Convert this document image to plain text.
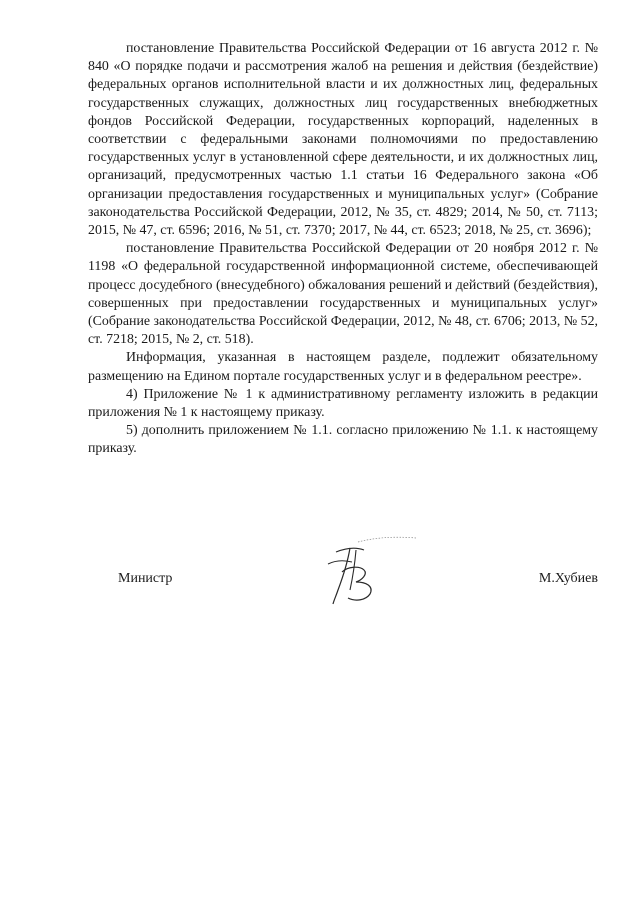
постановление Правительства Российской Федерации от 16 августа 2012 г. № 840 «О порядке подачи и рассмотрения жалоб на решения и действия (бездействие) федеральных органов исполнительной власти и их должностных лиц, федеральных государственных служащих, должностных лиц государственных внебюджетных фондов Российской Федерации, государственных корпораций, наделенных в соответствии с федеральными законами полномочиями по предоставлению государственных услуг в установленной сфере деятельности, и их должностных лиц, организаций, предусмотренных частью 1.1 статьи 16 Федерального закона «Об организации предоставления государственных и муниципальных услуг» (Собрание законодательства Российской Федерации, 2012, № 35, ст. 4829; 2014, № 50, ст. 7113; 2015, № 47, ст. 6596; 2016, № 51, ст. 7370; 2017, № 44, ст. 6523; 2018, № 25, ст. 3696);

постановление Правительства Российской Федерации от 20 ноября 2012 г. № 1198 «О федеральной государственной информационной системе, обеспечивающей процесс досудебного (внесудебного) обжалования решений и действий (бездействия), совершенных при предоставлении государственных и муниципальных услуг» (Собрание законодательства Российской Федерации, 2012, № 48, ст. 6706; 2013, № 52, ст. 7218; 2015, № 2, ст. 518).

Информация, указанная в настоящем разделе, подлежит обязательному размещению на Едином портале государственных услуг и в федеральном реестре».

4) Приложение № 1 к административному регламенту изложить в редакции приложения № 1 к настоящему приказу.

5) дополнить приложением № 1.1. согласно приложению № 1.1. к настоящему приказу.

Министр	М.Хубиев
